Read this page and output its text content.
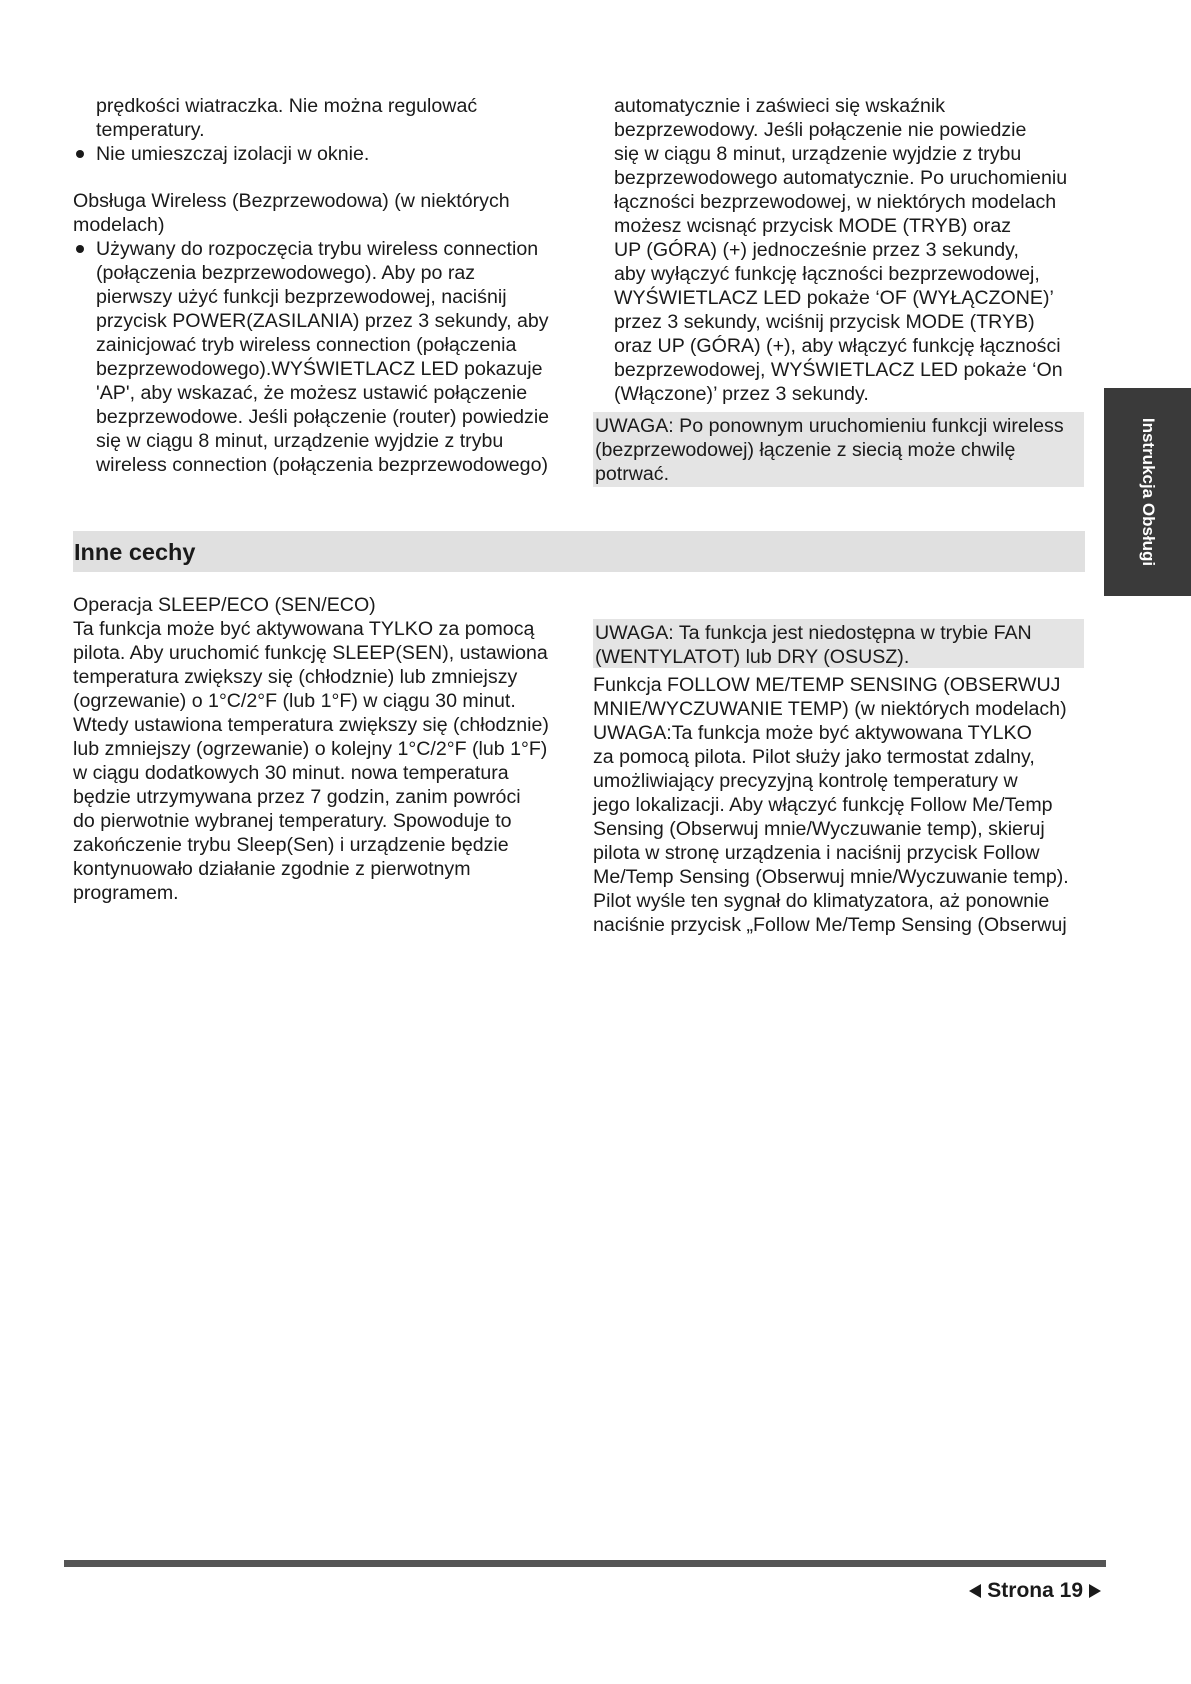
prędkości wiatraczka. Nie można regulować
temperatury.
Nie umieszczaj izolacji w oknie.
Obsługa Wireless (Bezprzewodowa) (w niektórych
modelach)
Używany do rozpoczęcia trybu wireless connection
(połączenia bezprzewodowego). Aby po raz
pierwszy użyć funkcji bezprzewodowej, naciśnij
przycisk POWER(ZASILANIA) przez 3 sekundy, aby
zainicjować tryb wireless connection (połączenia
bezprzewodowego).WYŚWIETLACZ LED pokazuje
'AP', aby wskazać, że możesz ustawić połączenie
bezprzewodowe. Jeśli połączenie (router) powiedzie
się w ciągu 8 minut, urządzenie wyjdzie z trybu
wireless connection (połączenia bezprzewodowego)
automatycznie i zaświeci się wskaźnik
bezprzewodowy. Jeśli połączenie nie powiedzie
się w ciągu 8 minut, urządzenie wyjdzie z trybu
bezprzewodowego automatycznie. Po uruchomieniu
łączności bezprzewodowej, w niektórych modelach
możesz wcisnąć przycisk MODE (TRYB) oraz
UP (GÓRA) (+) jednocześnie przez 3 sekundy,
aby wyłączyć funkcję łączności bezprzewodowej,
WYŚWIETLACZ LED pokaże ‘OF (WYŁĄCZONE)’
przez 3 sekundy, wciśnij przycisk MODE (TRYB)
oraz UP (GÓRA) (+), aby włączyć funkcję łączności
bezprzewodowej, WYŚWIETLACZ LED pokaże ‘On
(Włączone)’ przez 3 sekundy.
UWAGA: Po ponownym uruchomieniu funkcji wireless
(bezprzewodowej) łączenie z siecią może chwilę
potrwać.	Instrukcja Obsługi
Inne cechy
Operacja SLEEP/ECO (SEN/ECO)
Ta funkcja może być aktywowana TYLKO za pomocą
pilota. Aby uruchomić funkcję SLEEP(SEN), ustawiona
temperatura zwiększy się (chłodznie) lub zmniejszy
(ogrzewanie) o 1°C/2°F (lub 1°F) w ciągu 30 minut.
Wtedy ustawiona temperatura zwiększy się (chłodznie)
lub zmniejszy (ogrzewanie) o kolejny 1°C/2°F (lub 1°F)
w ciągu dodatkowych 30 minut. nowa temperatura
będzie utrzymywana przez 7 godzin, zanim powróci
do pierwotnie wybranej temperatury. Spowoduje to
zakończenie trybu Sleep(Sen) i urządzenie będzie
kontynuowało działanie zgodnie z pierwotnym
programem.
UWAGA: Ta funkcja jest niedostępna w trybie FAN
(WENTYLATOT) lub DRY (OSUSZ).
Funkcja FOLLOW ME/TEMP SENSING (OBSERWUJ
MNIE/WYCZUWANIE TEMP) (w niektórych modelach)
UWAGA:Ta funkcja może być aktywowana TYLKO
za pomocą pilota. Pilot służy jako termostat zdalny,
umożliwiający precyzyjną kontrolę temperatury w
jego lokalizacji. Aby włączyć funkcję Follow Me/Temp
Sensing (Obserwuj mnie/Wyczuwanie temp), skieruj
pilota w stronę urządzenia i naciśnij przycisk Follow
Me/Temp Sensing (Obserwuj mnie/Wyczuwanie temp).
Pilot wyśle ten sygnał do klimatyzatora, aż ponownie
naciśnie przycisk „Follow Me/Temp Sensing (Obserwuj
Strona 19
